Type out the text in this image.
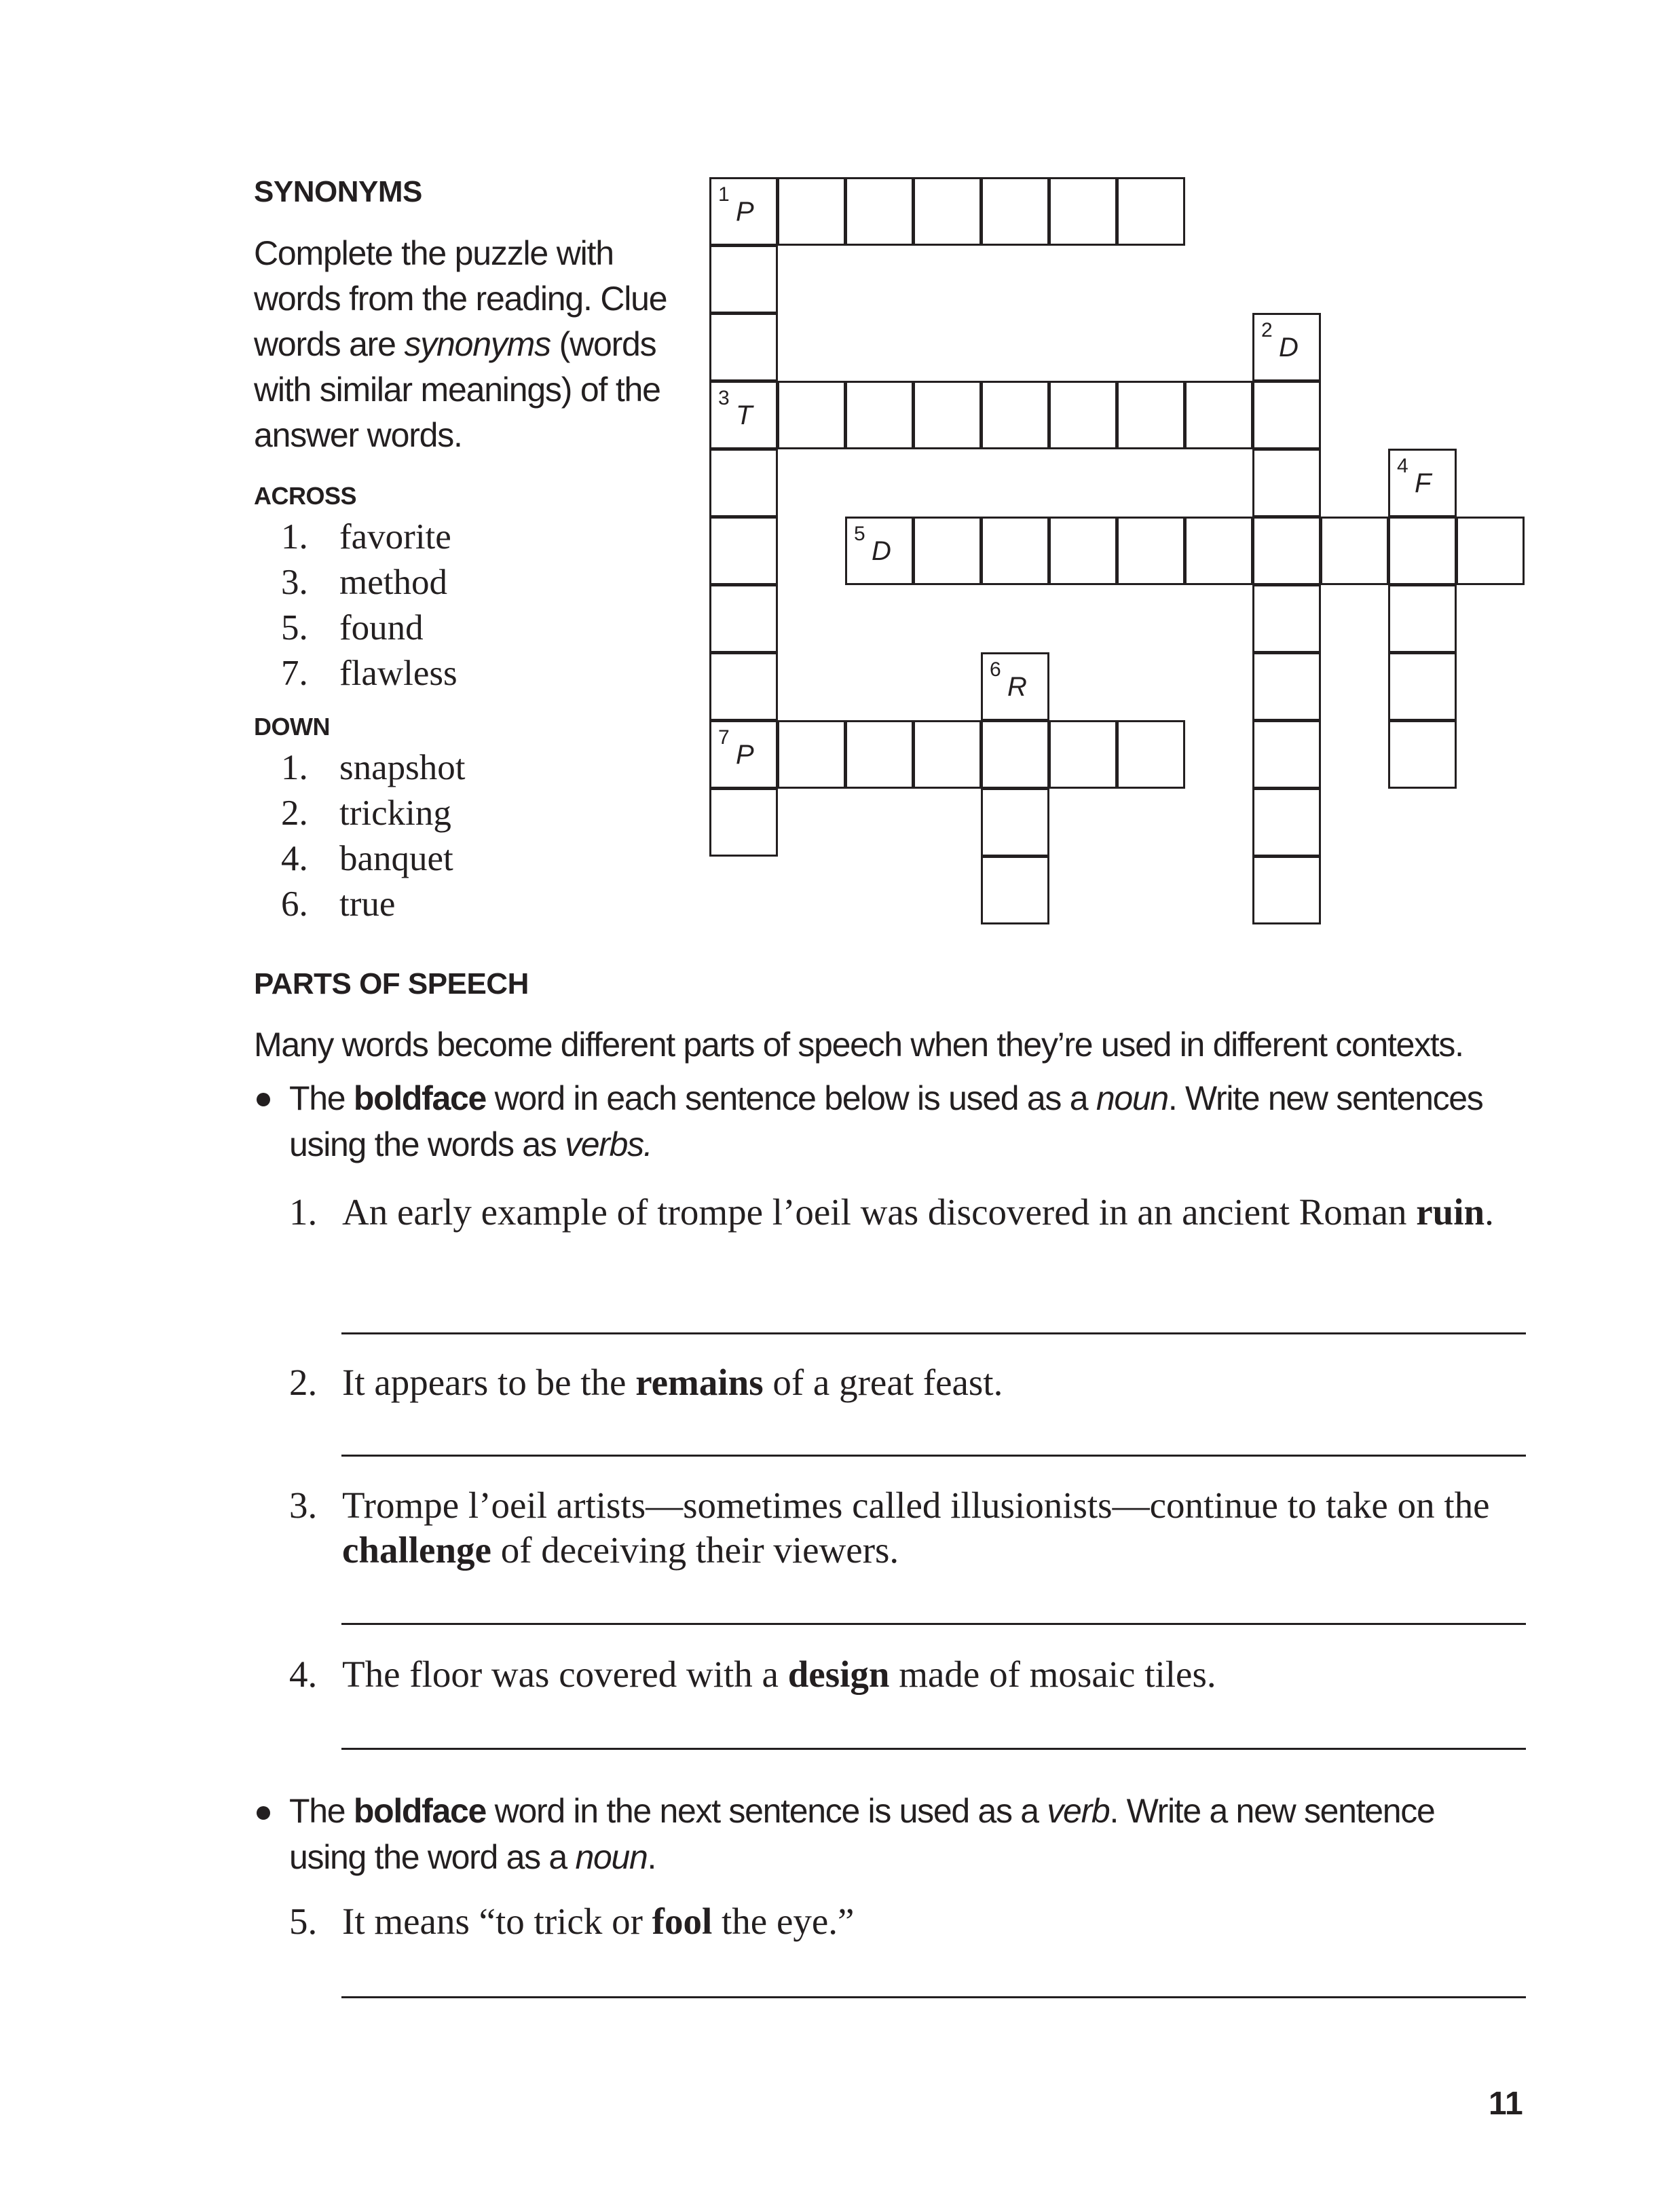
SYNONYMS

Complete the puzzle with words from the reading. Clue words are synonyms (words with similar meanings) of the answer words.

ACROSS
1. favorite
3. method
5. found
7. flawless
DOWN
1. snapshot
2. tricking
4. banquet
6. true
1
P
3
T
7
P
2
D
4
F
5
D
6
R
PARTS OF SPEECH

Many words become different parts of speech when they’re used in different contexts.

The boldface word in each sentence below is used as a noun. Write new sentences using the words as verbs.

1. An early example of trompe l’oeil was discovered in an ancient Roman ruin.
2. It appears to be the remains of a great feast.
3. Trompe l’oeil artists—sometimes called illusionists—continue to take on the challenge of deceiving their viewers.
4. The floor was covered with a design made of mosaic tiles.

The boldface word in the next sentence is used as a verb. Write a new sentence using the word as a noun.

5. It means “to trick or fool the eye.”
11
